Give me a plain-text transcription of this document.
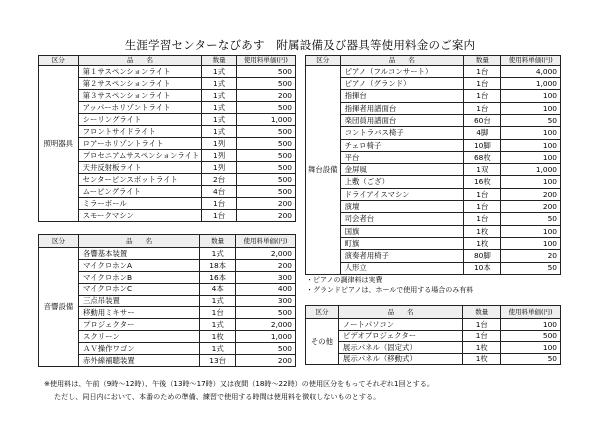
生涯学習センターなびあす　附属設備及び器具等使用料金のご案内
区分	品　　名	数量	使用料単価(円)
照明器具	第１サスペンションライト	1式	500
	第２サスペンションライト	1式	500
	第３サスペンションライト	1式	200
	アッパーホリゾントライト	1式	500
	シーリングライト	1式	1,000
	フロントサイドライト	1式	500
	ロアーホリゾントライト	1列	500
	プロセニアムサスペンションライト	1列	500
	天井反射板ライト	1列	500
	センターピンスポットライト	2台	500
	ムービングライト	4台	500
	ミラーボール	1台	200
	スモークマシン	1台	200
区分	品　　名	数量	使用料単価(円)
音響設備	各響基本装置	1式	2,000
	マイクロホンA	18本	200
	マイクロホンB	16本	300
	マイクロホンC	4本	400
	三点吊装置	1式	300
	移動用ミキサー	1台	500
	プロジェクター	1式	2,000
	スクリーン	1枚	1,000
	ＡＶ操作ワゴン	1式	500
	赤外線補聴装置	13台	200
区分	品　　名	数量	使用料単価(円)
舞台設備	ピアノ（フルコンサート）	1台	4,000
	ピアノ（グランド）	1台	1,000
	指揮台	1台	100
	指揮者用譜面台	1台	100
	楽団員用譜面台	60台	50
	コントラバス椅子	4脚	100
	チェロ椅子	10脚	100
	平台	68枚	100
	金屏風	1双	1,000
	上敷（ござ）	16枚	100
	ドライアイスマシン	1台	200
	演壇	1台	200
	司会者台	1台	50
	国旗	1枚	100
	町旗	1枚	100
	演奏者用椅子	80脚	20
	人形立	10本	50
・ピアノの調律料は実費
・グランドピアノは、ホールで使用する場合のみ有料
区分	品　　名	数量	使用料単価(円)
その他	ノートパソコン	1台	100
	ビデオプロジェクター	1台	500
	展示パネル（固定式）	1枚	100
	展示パネル（移動式）	1枚	50
※使用料は、午前（9時～12時）、午後（13時～17時）又は夜間（18時～22時）の使用区分をもってそれぞれ1回とする。
ただし、同日内において、本番のための準備、練習で使用する時間は使用料を徴収しないものとする。
